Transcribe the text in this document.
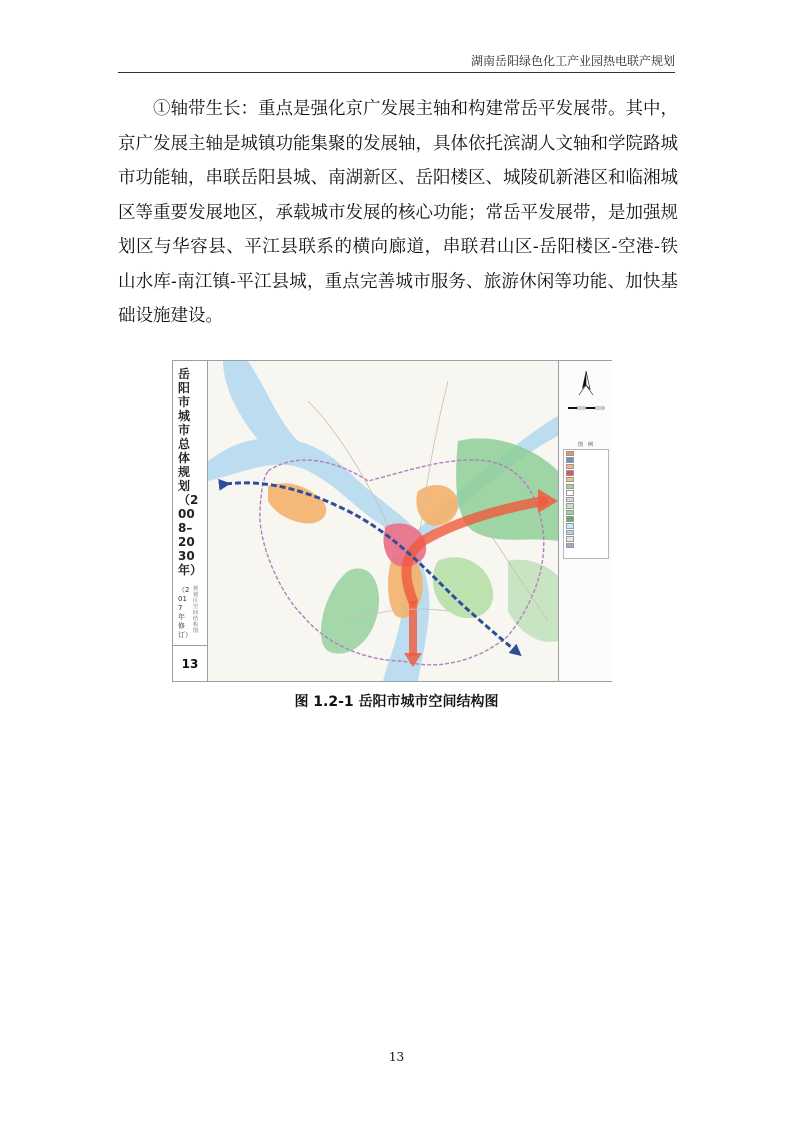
湖南岳阳绿色化工产业园热电联产规划

①轴带生长：重点是强化京广发展主轴和构建常岳平发展带。其中，京广发展主轴是城镇功能集聚的发展轴，具体依托滨湖人文轴和学院路城市功能轴，串联岳阳县城、南湖新区、岳阳楼区、城陵矶新港区和临湘城区等重要发展地区，承载城市发展的核心功能；常岳平发展带，是加强规划区与华容县、平江县联系的横向廊道，串联君山区-岳阳楼区-空港-铁山水库-南江镇-平江县城，重点完善城市服务、旅游休闲等功能、加快基础设施建设。

岳阳市城市总体规划（2008–2030年）
（2017年修订）
规划区空间结构图
13
图　例
图 1.2-1 岳阳市城市空间结构图
13
